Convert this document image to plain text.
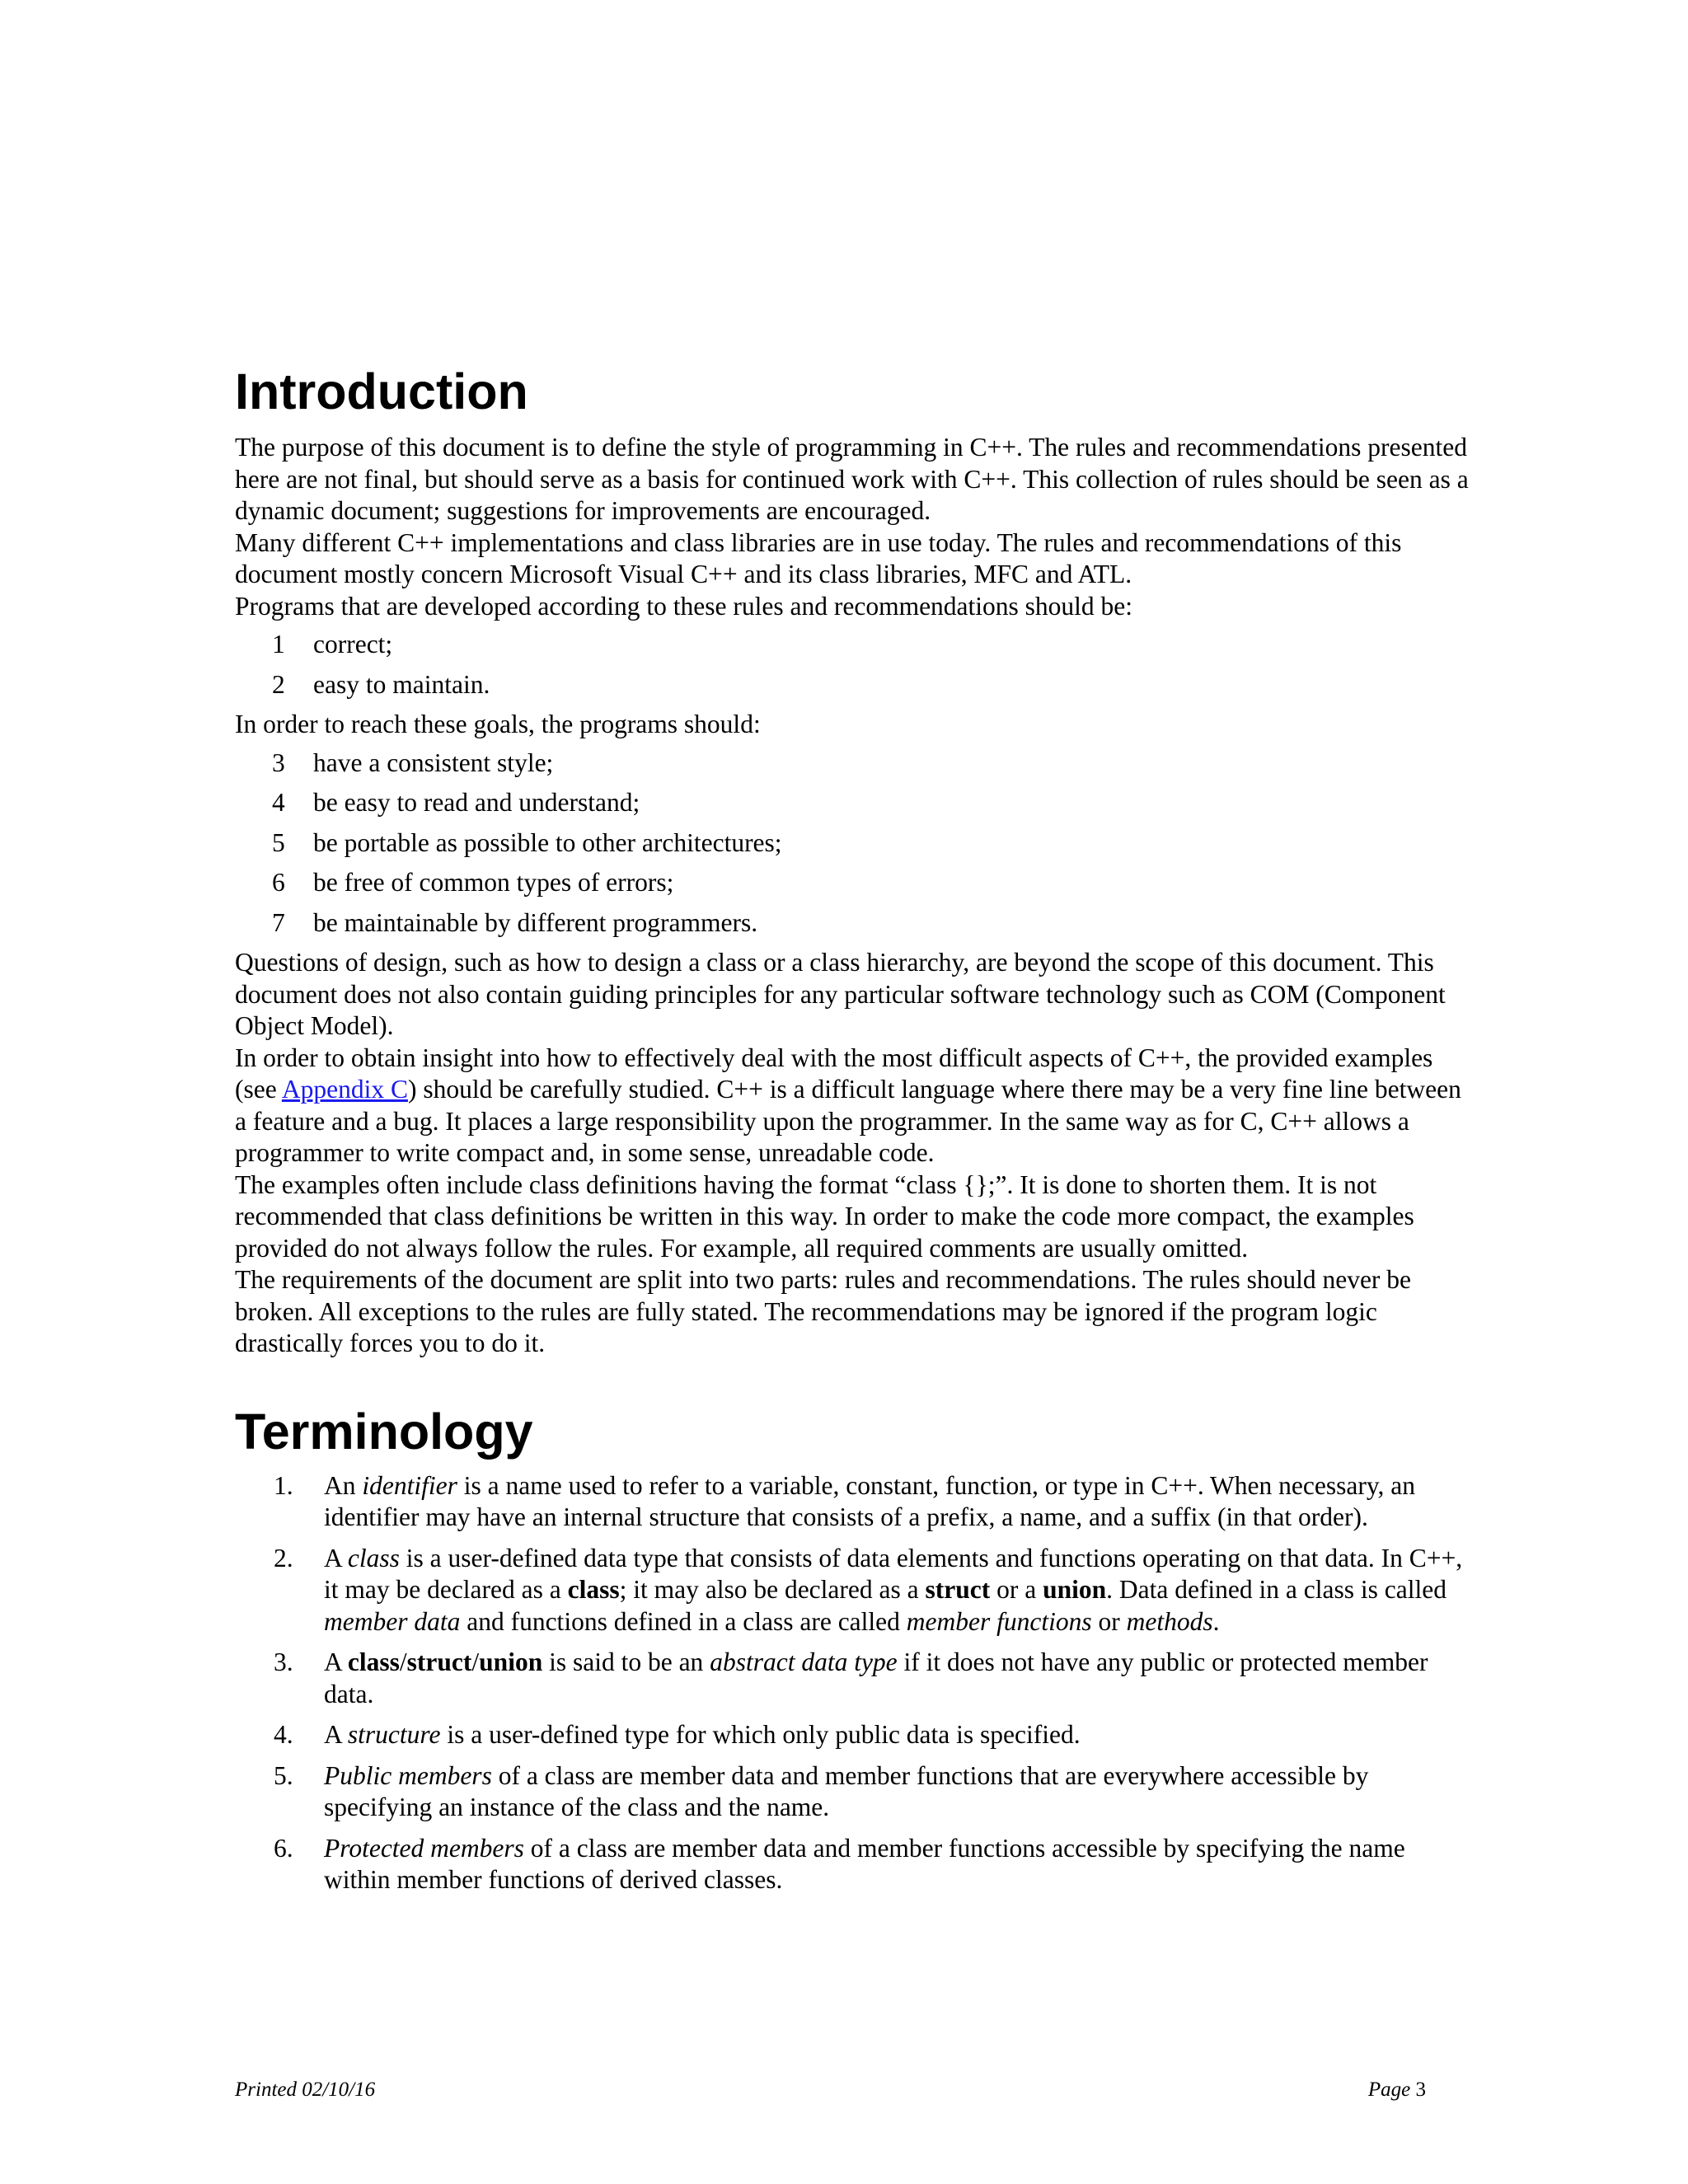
Introduction

The purpose of this document is to define the style of programming in C++. The rules and recommendations presented here are not final, but should serve as a basis for continued work with C++. This collection of rules should be seen as a dynamic document; suggestions for improvements are encouraged.

Many different C++ implementations and class libraries are in use today. The rules and recommendations of this document mostly concern Microsoft Visual C++ and its class libraries, MFC and ATL.

Programs that are developed according to these rules and recommendations should be:

1 correct;
2 easy to maintain.

In order to reach these goals, the programs should:

3 have a consistent style;
4 be easy to read and understand;
5 be portable as possible to other architectures;
6 be free of common types of errors;
7 be maintainable by different programmers.

Questions of design, such as how to design a class or a class hierarchy, are beyond the scope of this document. This document does not also contain guiding principles for any particular software technology such as COM (Component Object Model).

In order to obtain insight into how to effectively deal with the most difficult aspects of C++, the provided examples (see Appendix C) should be carefully studied. C++ is a difficult language where there may be a very fine line between a feature and a bug. It places a large responsibility upon the programmer. In the same way as for C, C++ allows a programmer to write compact and, in some sense, unreadable code.

The examples often include class definitions having the format “class {};”. It is done to shorten them. It is not recommended that class definitions be written in this way. In order to make the code more compact, the examples provided do not always follow the rules. For example, all required comments are usually omitted.

The requirements of the document are split into two parts: rules and recommendations. The rules should never be broken. All exceptions to the rules are fully stated. The recommendations may be ignored if the program logic drastically forces you to do it.

Terminology
1. An identifier is a name used to refer to a variable, constant, function, or type in C++. When necessary, an identifier may have an internal structure that consists of a prefix, a name, and a suffix (in that order).
2. A class is a user-defined data type that consists of data elements and functions operating on that data. In C++, it may be declared as a class; it may also be declared as a struct or a union. Data defined in a class is called member data and functions defined in a class are called member functions or methods.
3. A class/struct/union is said to be an abstract data type if it does not have any public or protected member data.
4. A structure is a user-defined type for which only public data is specified.
5. Public members of a class are member data and member functions that are everywhere accessible by specifying an instance of the class and the name.
6. Protected members of a class are member data and member functions accessible by specifying the name within member functions of derived classes.
Printed 02/10/16	Page 3
